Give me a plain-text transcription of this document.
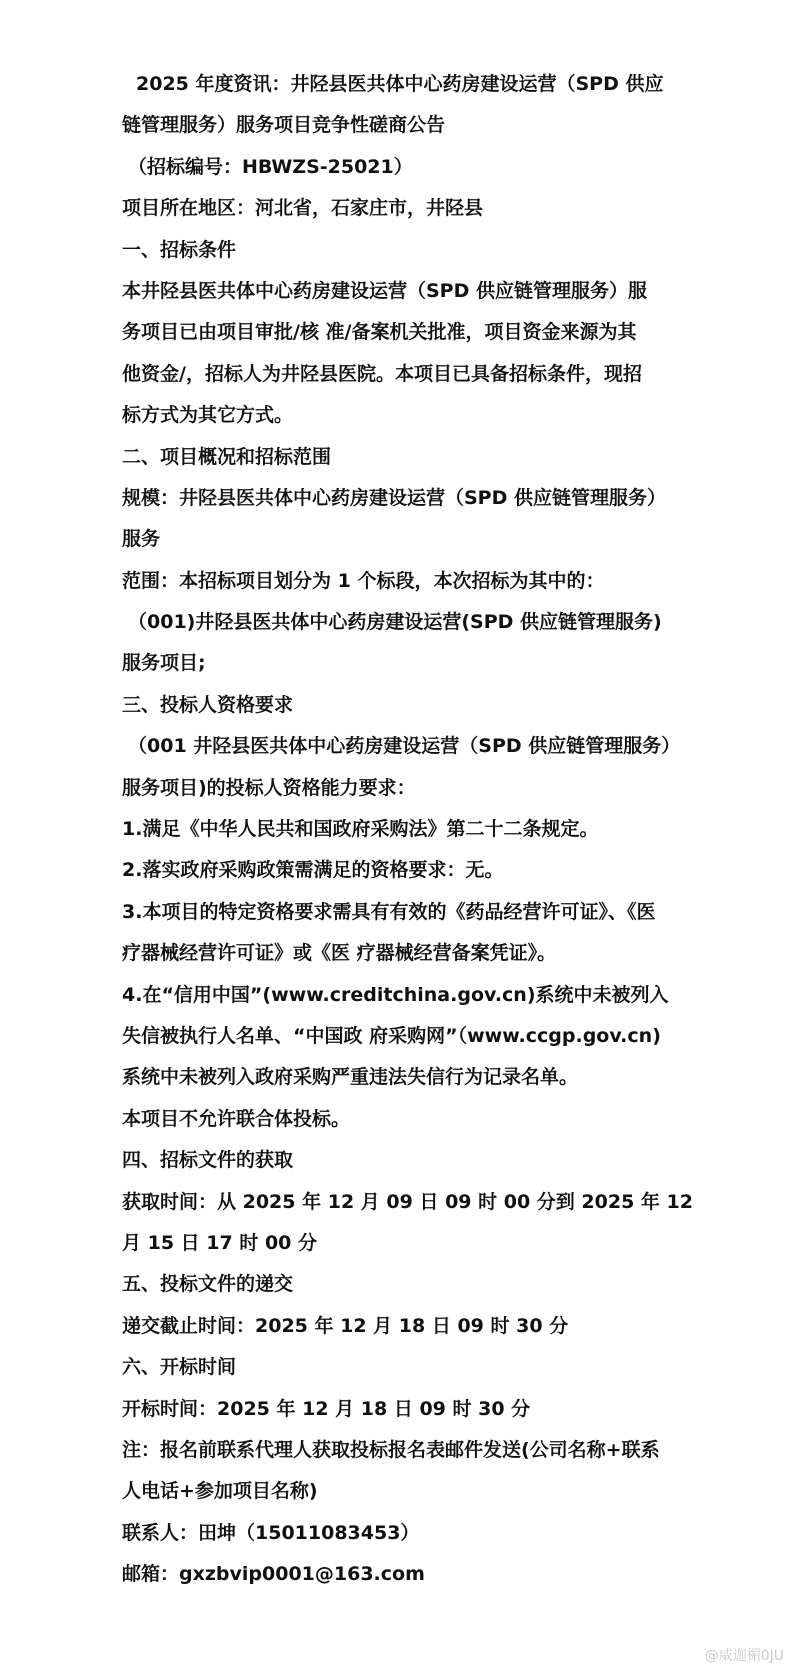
2025 年度资讯：井陉县医共体中心药房建设运营（SPD 供应
链管理服务）服务项目竞争性磋商公告
（招标编号：HBWZS-25021）
项目所在地区：河北省，石家庄市，井陉县
一、招标条件
本井陉县医共体中心药房建设运营（SPD 供应链管理服务）服
务项目已由项目审批/核 准/备案机关批准，项目资金来源为其
他资金/，招标人为井陉县医院。本项目已具备招标条件，现招
标方式为其它方式。
二、项目概况和招标范围
规模：井陉县医共体中心药房建设运营（SPD 供应链管理服务）
服务
范围：本招标项目划分为 1 个标段，本次招标为其中的：
（001)井陉县医共体中心药房建设运营(SPD 供应链管理服务)
服务项目;
三、投标人资格要求
（001 井陉县医共体中心药房建设运营（SPD 供应链管理服务）
服务项目)的投标人资格能力要求：
1.满足《中华人民共和国政府采购法》第二十二条规定。
2.落实政府采购政策需满足的资格要求：无。
3.本项目的特定资格要求需具有有效的《药品经营许可证》、《医
疗器械经营许可证》或《医 疗器械经营备案凭证》。
4.在“信用中国”(www.creditchina.gov.cn)系统中未被列入
失信被执行人名单、“中国政 府采购网”（www.ccgp.gov.cn)
系统中未被列入政府采购严重违法失信行为记录名单。
本项目不允许联合体投标。
四、招标文件的获取
获取时间：从 2025 年 12 月 09 日 09 时 00 分到 2025 年 12
月 15 日 17 时 00 分
五、投标文件的递交
递交截止时间：2025 年 12 月 18 日 09 时 30 分
六、开标时间
开标时间：2025 年 12 月 18 日 09 时 30 分
注：报名前联系代理人获取投标报名表邮件发送(公司名称+联系
人电话+参加项目名称)
联系人：田坤（15011083453）
邮箱：gxzbvip0001@163.com
@威迦楣0JU
